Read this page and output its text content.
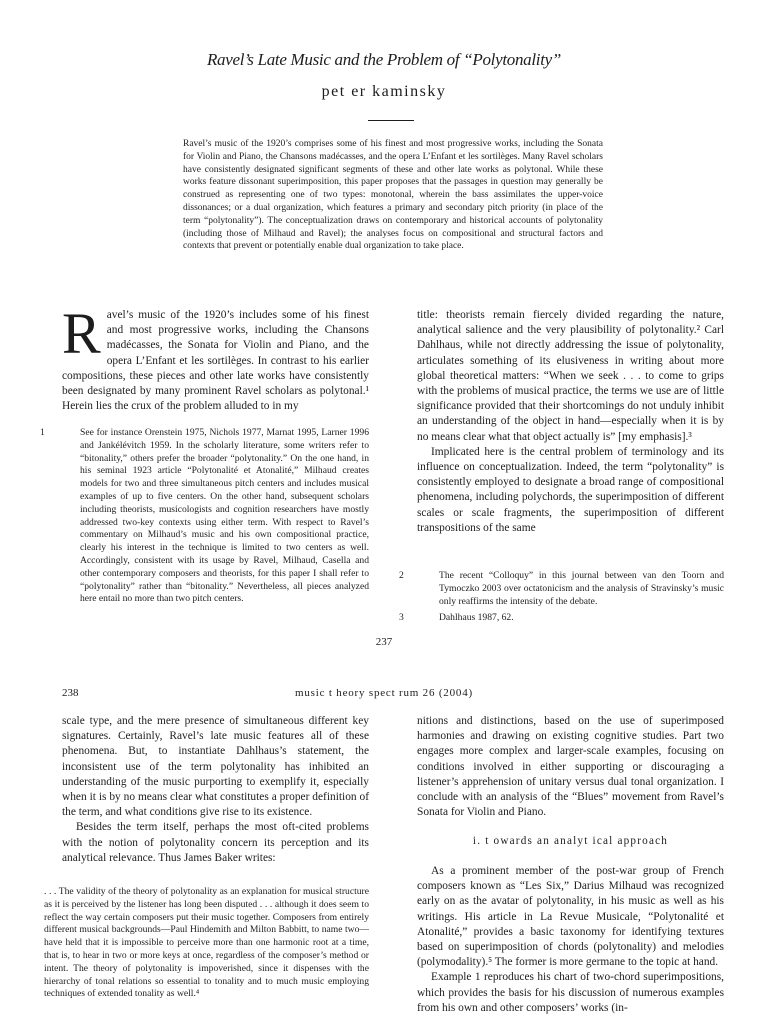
Ravel’s Late Music and the Problem of “Polytonality”
pet er kaminsky

Ravel’s music of the 1920’s comprises some of his finest and most progressive works, including the Sonata for Violin and Piano, the Chansons madécasses, and the opera L’Enfant et les sortilèges. Many Ravel scholars have consistently designated significant segments of these and other late works as polytonal. While these works feature dissonant superimposition, this paper proposes that the passages in question may generally be construed as representing one of two types: monotonal, wherein the bass assimilates the upper-voice dissonances; or a dual organization, which features a primary and secondary pitch priority (in place of the term “polytonality”). The conceptualization draws on contemporary and historical accounts of polytonality (including those of Milhaud and Ravel); the analyses focus on compositional and structural factors and contexts that prevent or potentially enable dual organization to take place.

Ravel’s music of the 1920’s includes some of his finest and most progressive works, including the Chansons madécasses, the Sonata for Violin and Piano, and the opera L’Enfant et les sortilèges. In contrast to his earlier compositions, these pieces and other late works have consistently been designated by many prominent Ravel scholars as polytonal.¹ Herein lies the crux of the problem alluded to in my

title: theorists remain fiercely divided regarding the nature, analytical salience and the very plausibility of polytonality.² Carl Dahlhaus, while not directly addressing the issue of polytonality, articulates something of its elusiveness in writing about more global theoretical matters: “When we seek . . . to come to grips with the problems of musical practice, the terms we use are of little significance provided that their shortcomings do not unduly inhibit an understanding of the object in hand—especially when it is by no means clear what that object actually is” [my emphasis].³

Implicated here is the central problem of terminology and its influence on conceptualization. Indeed, the term “polytonality” is consistently employed to designate a broad range of compositional phenomena, including polychords, the superimposition of different scales or scale fragments, the superimposition of different transpositions of the same

1	See for instance Orenstein 1975, Nichols 1977, Marnat 1995, Larner 1996 and Jankélévitch 1959. In the scholarly literature, some writers refer to “bitonality,” others prefer the broader “polytonality.” On the one hand, in his seminal 1923 article “Polytonalité et Atonalité,” Milhaud creates models for two and three simultaneous pitch centers and includes musical examples of up to five centers. On the other hand, subsequent scholars including theorists, musicologists and cognition researchers have mostly addressed two-key contexts using either term. With respect to Ravel’s commentary on Milhaud’s music and his own compositional practice, clearly his interest in the technique is limited to two centers as well. Accordingly, consistent with its usage by Ravel, Milhaud, Casella and other contemporary composers and theorists, for this paper I shall refer to “polytonality” rather than “bitonality.” Nevertheless, all pieces analyzed here entail no more than two pitch centers.

2	The recent “Colloquy” in this journal between van den Toorn and Tymoczko 2003 over octatonicism and the analysis of Stravinsky’s music only reaffirms the intensity of the debate.

3	Dahlhaus 1987, 62.

237
238	music t heory spect rum 26 (2004)

scale type, and the mere presence of simultaneous different key signatures. Certainly, Ravel’s late music features all of these phenomena. But, to instantiate Dahlhaus’s statement, the inconsistent use of the term polytonality has inhibited an understanding of the music purporting to exemplify it, especially when it is by no means clear what constitutes a proper definition of the term, and what conditions give rise to its existence.

Besides the term itself, perhaps the most oft-cited problems with the notion of polytonality concern its perception and its analytical relevance. Thus James Baker writes:

. . . The validity of the theory of polytonality as an explanation for musical structure as it is perceived by the listener has long been disputed . . . although it does seem to reflect the way certain composers put their music together. Composers from entirely different musical backgrounds—Paul Hindemith and Milton Babbitt, to name two—have held that it is impossible to perceive more than one harmonic root at a time, that is, to hear in two or more keys at once, regardless of the composer’s method or intent. The theory of polytonality is impoverished, since it dispenses with the hierarchy of tonal relations so essential to tonality and to much music employing techniques of extended tonality as well.⁴

nitions and distinctions, based on the use of superimposed harmonies and drawing on existing cognitive studies. Part two engages more complex and larger-scale examples, focusing on conditions involved in either supporting or discouraging a listener’s apprehension of unitary versus dual tonal organization. I conclude with an analysis of the “Blues” movement from Ravel’s Sonata for Violin and Piano.

i. t owards an analyt ical approach

As a prominent member of the post-war group of French composers known as “Les Six,” Darius Milhaud was recognized early on as the avatar of polytonality, in his music as well as his writings. His article in La Revue Musicale, “Polytonalité et Atonalité,” provides a basic taxonomy for identifying textures based on superimposition of chords (polytonality) and melodies (polymodality).⁵ The former is more germane to the topic at hand.

Example 1 reproduces his chart of two-chord superimpositions, which provides the basis for his discussion of numerous examples from his own and other composers’ works (in-
